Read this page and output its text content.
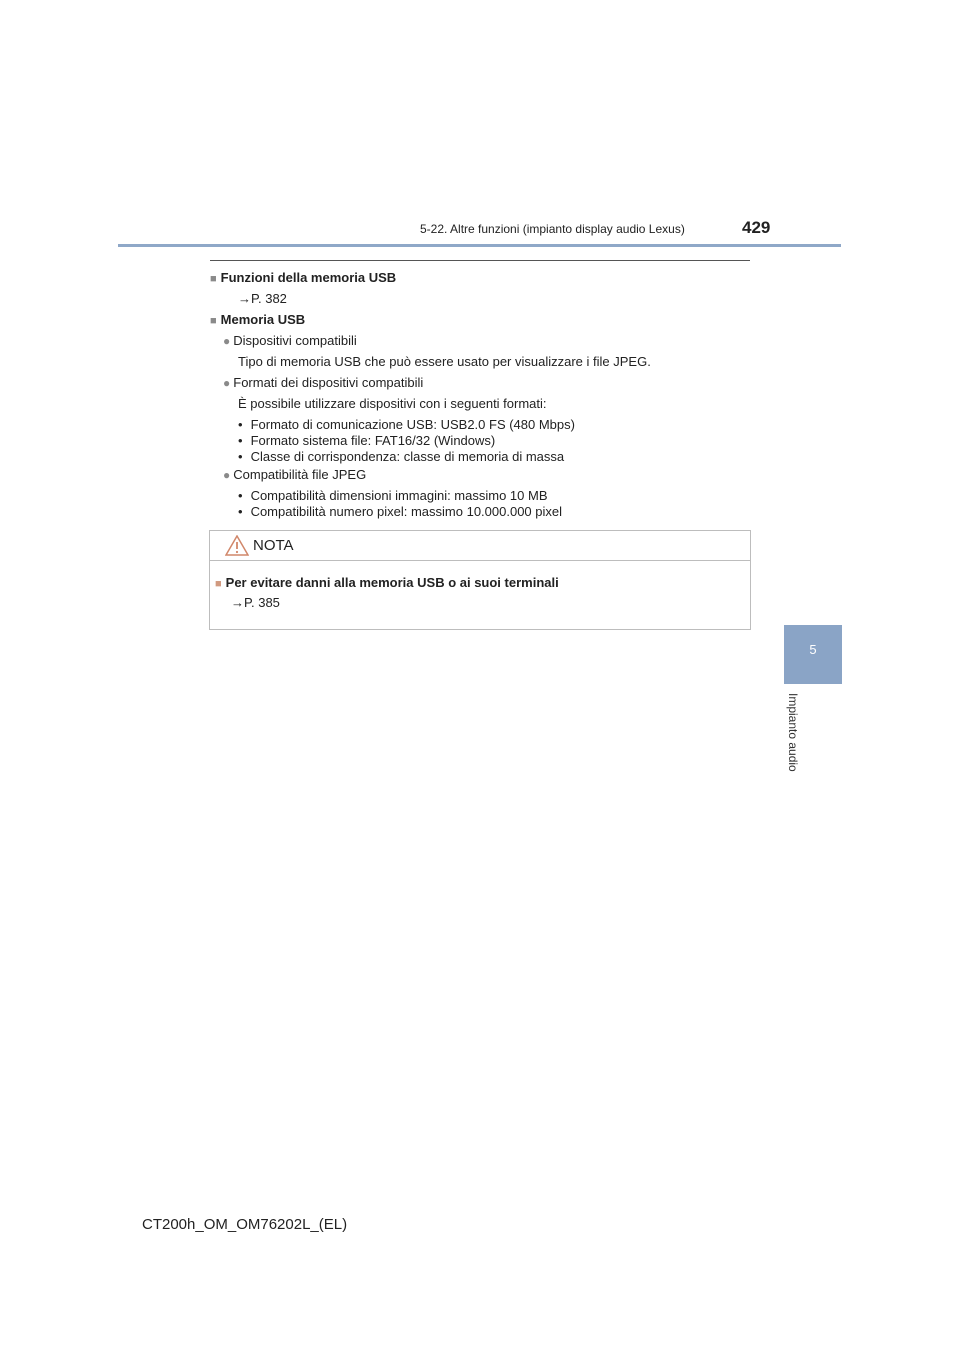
5-22. Altre funzioni (impianto display audio Lexus)	429
5
Impianto audio
■ Funzioni della memoria USB
→P. 382
■ Memoria USB
● Dispositivi compatibili
Tipo di memoria USB che può essere usato per visualizzare i file JPEG.
● Formati dei dispositivi compatibili
È possibile utilizzare dispositivi con i seguenti formati:
• Formato di comunicazione USB: USB2.0 FS (480 Mbps)
• Formato sistema file: FAT16/32 (Windows)
• Classe di corrispondenza: classe di memoria di massa
● Compatibilità file JPEG
• Compatibilità dimensioni immagini: massimo 10 MB
• Compatibilità numero pixel: massimo 10.000.000 pixel
NOTA
■ Per evitare danni alla memoria USB o ai suoi terminali
→P. 385
CT200h_OM_OM76202L_(EL)
